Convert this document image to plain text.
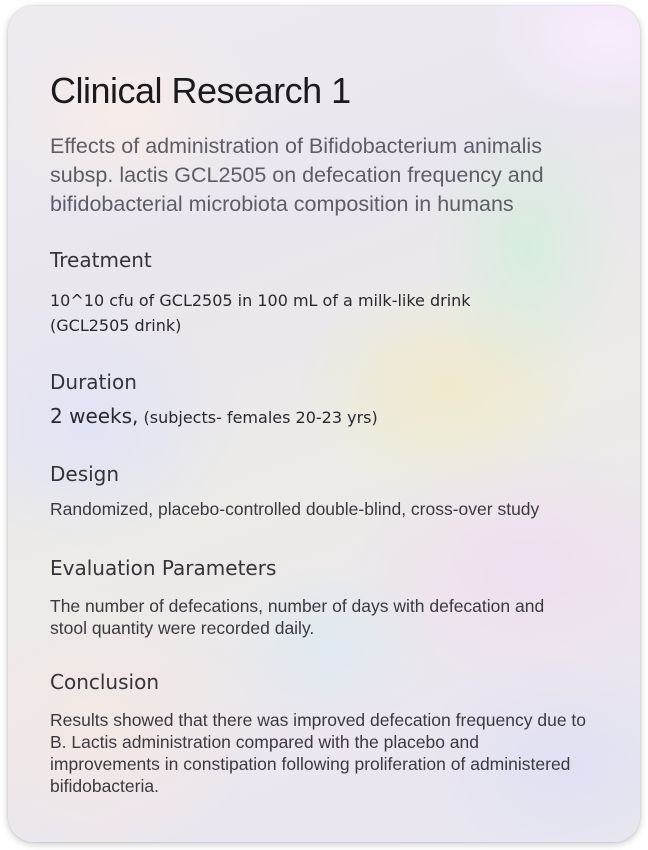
Clinical Research 1

Effects of administration of Bifidobacterium animalis subsp. lactis GCL2505 on defecation frequency and bifidobacterial microbiota composition in humans

Treatment

10^10 cfu of GCL2505 in 100 mL of a milk-like drink

(GCL2505 drink)

Duration

2 weeks, (subjects- females 20-23 yrs)

Design

Randomized, placebo-controlled double-blind, cross-over study

Evaluation Parameters

The number of defecations, number of days with defecation and stool quantity were recorded daily.

Conclusion

Results showed that there was improved defecation frequency due to B. Lactis administration compared with the placebo and improvements in constipation following proliferation of administered bifidobacteria.
